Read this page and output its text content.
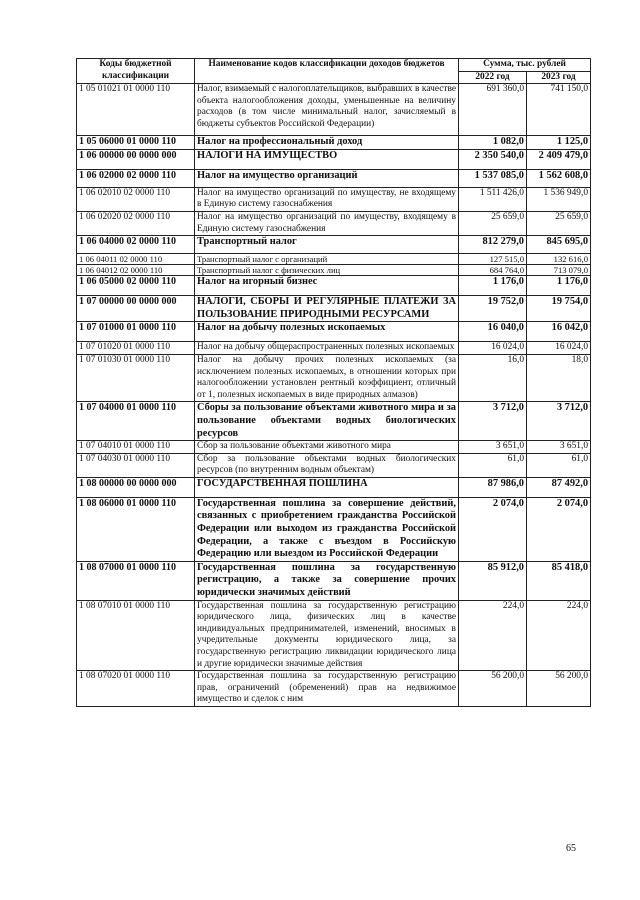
Коды бюджетной классификации	Наименование кодов классификации доходов бюджетов	Сумма, тыс. рублей	
		2022 год	2023 год
1 05 01021 01 0000 110	Налог, взимаемый с налогоплательщиков, выбравших в качестве объекта налогообложения доходы, уменьшенные на величину расходов (в том числе минимальный налог, зачисляемый в бюджеты субъектов Российской Федерации)	691 360,0	741 150,0
1 05 06000 01 0000 110	Налог на профессиональный доход	1 082,0	1 125,0
1 06 00000 00 0000 000	НАЛОГИ НА ИМУЩЕСТВО	2 350 540,0	2 409 479,0
1 06 02000 02 0000 110	Налог на имущество организаций	1 537 085,0	1 562 608,0
1 06 02010 02 0000 110	Налог на имущество организаций по имуществу, не входящему в Единую систему газоснабжения	1 511 426,0	1 536 949,0
1 06 02020 02 0000 110	Налог на имущество организаций по имуществу, входящему в Единую систему газоснабжения	25 659,0	25 659,0
1 06 04000 02 0000 110	Транспортный налог	812 279,0	845 695,0
1 06 04011 02 0000 110	Транспортный налог с организаций	127 515,0	132 616,0
1 06 04012 02 0000 110	Транспортный налог с физических лиц	684 764,0	713 079,0
1 06 05000 02 0000 110	Налог на игорный бизнес	1 176,0	1 176,0
1 07 00000 00 0000 000	НАЛОГИ, СБОРЫ И РЕГУЛЯРНЫЕ ПЛАТЕЖИ ЗА ПОЛЬЗОВАНИЕ ПРИРОДНЫМИ РЕСУРСАМИ	19 752,0	19 754,0
1 07 01000 01 0000 110	Налог на добычу полезных ископаемых	16 040,0	16 042,0
1 07 01020 01 0000 110	Налог на добычу общераспространенных полезных ископаемых	16 024,0	16 024,0
1 07 01030 01 0000 110	Налог на добычу прочих полезных ископаемых (за исключением полезных ископаемых, в отношении которых при налогообложении установлен рентный коэффициент, отличный от 1, полезных ископаемых в виде природных алмазов)	16,0	18,0
1 07 04000 01 0000 110	Сборы за пользование объектами животного мира и за пользование объектами водных биологических ресурсов	3 712,0	3 712,0
1 07 04010 01 0000 110	Сбор за пользование объектами животного мира	3 651,0	3 651,0
1 07 04030 01 0000 110	Сбор за пользование объектами водных биологических ресурсов (по внутренним водным объектам)	61,0	61,0
1 08 00000 00 0000 000	ГОСУДАРСТВЕННАЯ ПОШЛИНА	87 986,0	87 492,0
1 08 06000 01 0000 110	Государственная пошлина за совершение действий, связанных с приобретением гражданства Российской Федерации или выходом из гражданства Российской Федерации, а также с въездом в Российскую Федерацию или выездом из Российской Федерации	2 074,0	2 074,0
1 08 07000 01 0000 110	Государственная пошлина за государственную регистрацию, а также за совершение прочих юридически значимых действий	85 912,0	85 418,0
1 08 07010 01 0000 110	Государственная пошлина за государственную регистрацию юридического лица, физических лиц в качестве индивидуальных предпринимателей, изменений, вносимых в учредительные документы юридического лица, за государственную регистрацию ликвидации юридического лица и другие юридически значимые действия	224,0	224,0
1 08 07020 01 0000 110	Государственная пошлина за государственную регистрацию прав, ограничений (обременений) прав на недвижимое имущество и сделок с ним	56 200,0	56 200,0
65
